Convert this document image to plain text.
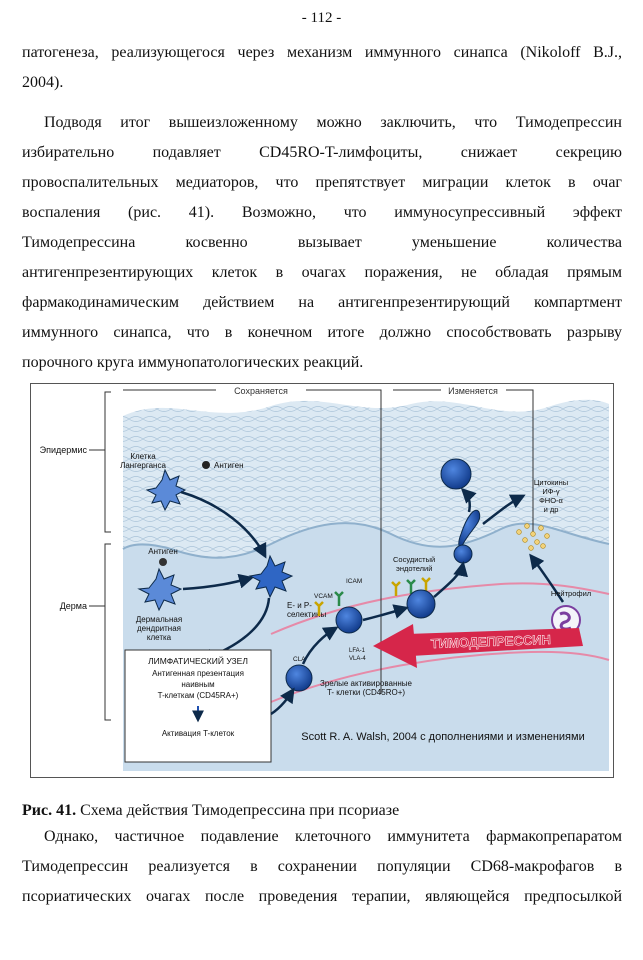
- 112 -

патогенеза, реализующегося через механизм иммунного синапса (Nikoloff B.J.,
2004).

Подводя итог вышеизложенному можно заключить, что Тимодепрессин
избирательно подавляет CD45RO-T-лимфоциты, снижает секрецию
провоспалительных медиаторов, что препятствует миграции клеток в очаг
воспаления (рис. 41). Возможно, что иммуносупрессивный эффект
Тимодепрессина косвенно вызывает уменьшение количества
антигенпрезентирующих клеток в очагах поражения, не обладая прямым
фармакодинамическим действием на антигенпрезентирующий компартмент
иммунного синапса, что в конечном итоге должно способствовать разрыву
порочного круга иммунопатологических реакций.

Сохраняется	Изменяется
Эпидермис
Дерма
Клетка
Лангерганса	Антиген
Антиген
Дермальная
дендритная
клетка
E- и P-
селектины
VCAM
ICAM
Сосудистый
эндотелий
CLA
LFA-1
VLA-4
Цитокины
ИФ-γ
ФНО-α
и др
Нейтрофил
ТИМОДЕПРЕССИН
Зрелые активированные
T- клетки (CD45RO+)
ЛИМФАТИЧЕСКИЙ УЗЕЛ
Антигенная презентация
наивным
T-клеткам (CD45RA+)
Активация T-клеток	Scott R. A. Walsh, 2004 с дополнениями и изменениями
Рис. 41. Схема действия Тимодепрессина при псориазе

Однако, частичное подавление клеточного иммунитета фармакопрепаратом
Тимодепрессин реализуется в сохранении популяции CD68-макрофагов в
псориатических очагах после проведения терапии, являющейся предпосылкой
